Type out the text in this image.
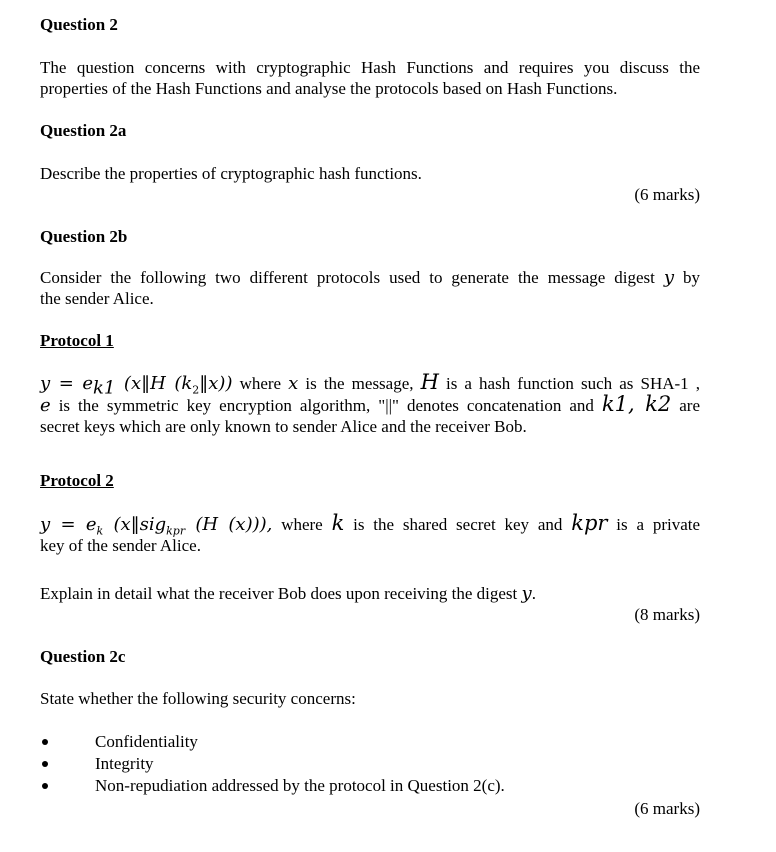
Question 2
The question concerns with cryptographic Hash Functions and requires you discuss the
properties of the Hash Functions and analyse the protocols based on Hash Functions.
Question 2a
Describe the properties of cryptographic hash functions.
(6 marks)
Question 2b
Consider the following two different protocols used to generate the message digest y by
the sender Alice.
Protocol 1
$y = e_{k1}$ (x‖H $(k_2‖x)$) where x is the message, H is a hash function such as SHA-1 ,
e is the symmetric key encryption algorithm, "||" denotes concatenation and k1, k2 are
secret keys which are only known to sender Alice and the receiver Bob.
Protocol 2
$y = e_k$ (x‖sig$_{kpr}$ (H (x))), where k is the shared secret key and kpr is a private
key of the sender Alice.
Explain in detail what the receiver Bob does upon receiving the digest y.
(8 marks)
Question 2c
State whether the following security concerns:
Confidentiality
Integrity
Non-repudiation addressed by the protocol in Question 2(c).
(6 marks)
